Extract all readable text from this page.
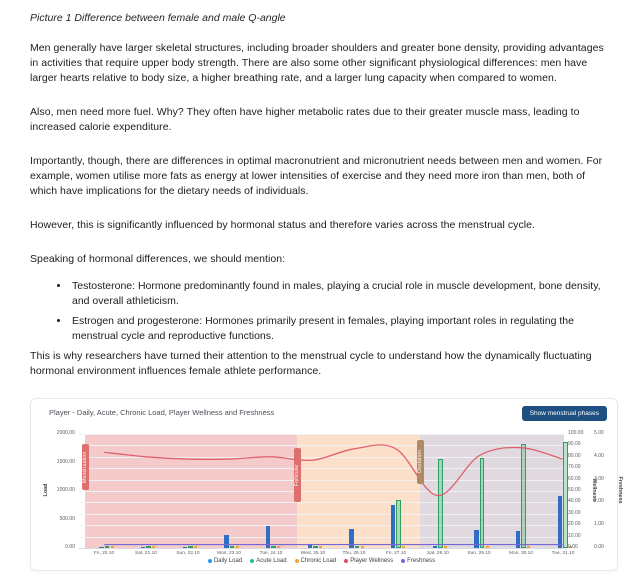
Picture 1 Difference between female and male Q-angle

Men generally have larger skeletal structures, including broader shoulders and greater bone density, providing advantages in activities that require upper body strength. There are also some other significant physiological differences: men have larger hearts relative to body size, a higher breathing rate, and a larger lung capacity when compared to women.

Also, men need more fuel. Why? They often have higher metabolic rates due to their greater muscle mass, leading to increased calorie expenditure.

Importantly, though, there are differences in optimal macronutrient and micronutrient needs between men and women. For example, women utilise more fats as energy at lower intensities of exercise and they need more iron than men, both of which have implications for the dietary needs of individuals.

However, this is significantly influenced by hormonal status and therefore varies across the menstrual cycle.

Speaking of hormonal differences, we should mention:

• Testosterone: Hormone predominantly found in males, playing a crucial role in muscle development, bone density, and overall athleticism.
• Estrogen and progesterone: Hormones primarily present in females, playing important roles in regulating the menstrual cycle and reproductive functions.

This is why researchers have turned their attention to the menstrual cycle to understand how the dynamically fluctuating hormonal environment influences female athlete performance.

Player - Daily, Acute, Chronic Load, Player Wellness and Freshness	Show menstrual phases
Menstruation	Follicular
Ovulation
Load	Wellness	Freshness
Daily Load Acute Load Chronic Load Player Wellness Freshness
2000.00
1500.00
1000.00
500.00
0.00
100.00
90.00
80.00
70.00
60.00
50.00
40.00
30.00
20.00
10.00
0.00
5.00
4.00
3.00
2.00
1.00
0.00
Fri, 20.10	Sat, 21.10	Sun, 22.10	Mon, 23.10	Tue, 24.10	Wed, 25.10	Thu, 26.10	Fri, 27.10	Sat, 28.10	Sun, 29.10	Mon, 30.10	Tue, 31.10
